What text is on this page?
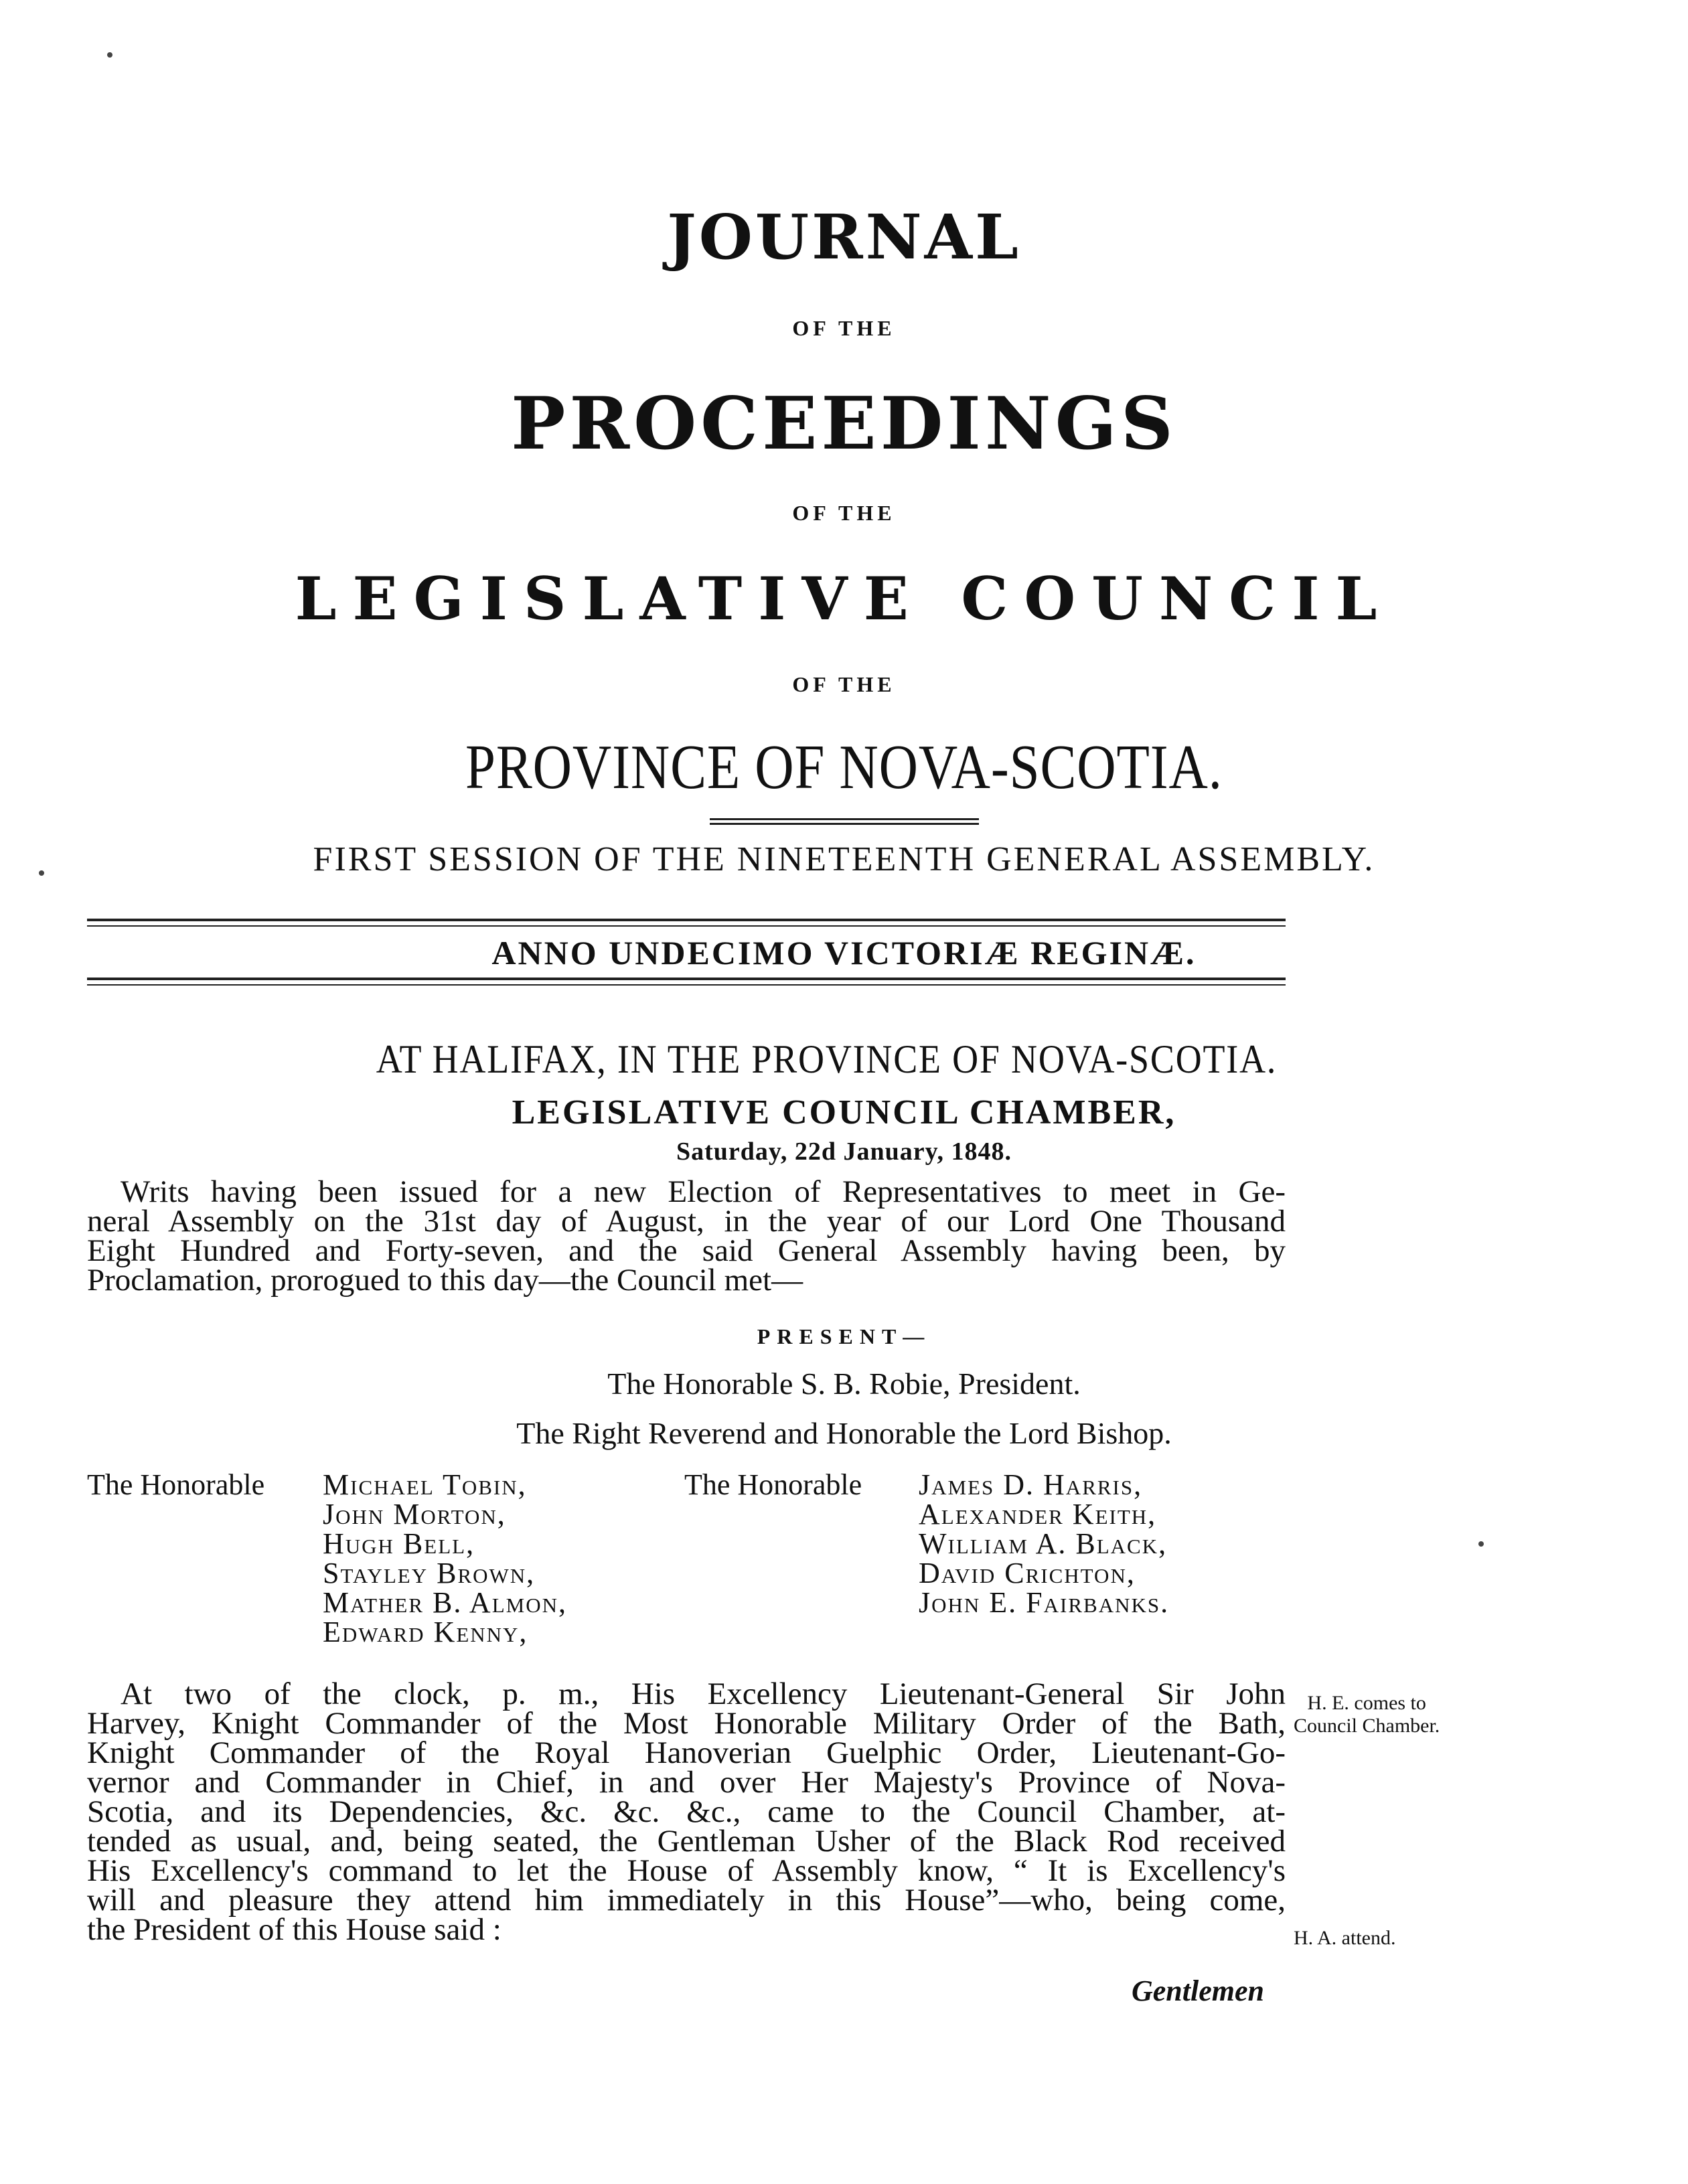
JOURNAL
OF THE
PROCEEDINGS
OF THE
LEGISLATIVE COUNCIL
OF THE
PROVINCE OF NOVA-SCOTIA.
FIRST SESSION OF THE NINETEENTH GENERAL ASSEMBLY.
ANNO UNDECIMO VICTORIÆ REGINÆ.
AT HALIFAX, IN THE PROVINCE OF NOVA-SCOTIA.
LEGISLATIVE COUNCIL CHAMBER,
Saturday, 22d January, 1848.
Writs having been issued for a new Election of Representatives to meet in Ge-
neral Assembly on the 31st day of August, in the year of our Lord One Thousand
Eight Hundred and Forty-seven, and the said General Assembly having been, by
Proclamation, prorogued to this day—the Council met—
PRESENT—
The Honorable S. B. Robie, President.
The Right Reverend and Honorable the Lord Bishop.
The Honorable Michael Tobin,
John Morton,
Hugh Bell,
Stayley Brown,
Mather B. Almon,
Edward Kenny,
The Honorable James D. Harris,
Alexander Keith,
William A. Black,
David Crichton,
John E. Fairbanks.
At two of the clock, p. m., His Excellency Lieutenant-General Sir John
Harvey, Knight Commander of the Most Honorable Military Order of the Bath,
Knight Commander of the Royal Hanoverian Guelphic Order, Lieutenant-Go-
vernor and Commander in Chief, in and over Her Majesty's Province of Nova-
Scotia, and its Dependencies, &c. &c. &c., came to the Council Chamber, at-
tended as usual, and, being seated, the Gentleman Usher of the Black Rod received
His Excellency's command to let the House of Assembly know, “ It is Excellency's
will and pleasure they attend him immediately in this House”—who, being come,
the President of this House said :
H. E. comes to
Council Chamber.
H. A. attend.
Gentlemen
